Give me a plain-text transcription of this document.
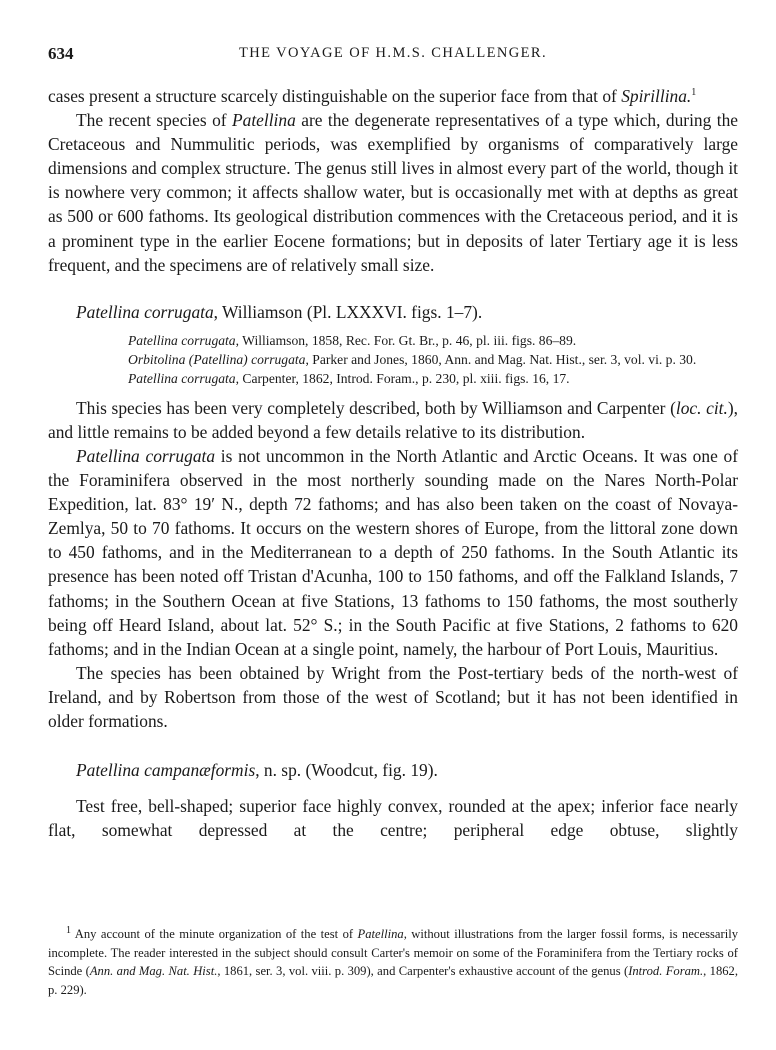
634	THE VOYAGE OF H.M.S. CHALLENGER.

cases present a structure scarcely distinguishable on the superior face from that of Spirillina.$^1$

The recent species of Patellina are the degenerate representatives of a type which, during the Cretaceous and Nummulitic periods, was exemplified by organisms of comparatively large dimensions and complex structure. The genus still lives in almost every part of the world, though it is nowhere very common; it affects shallow water, but is occasionally met with at depths as great as 500 or 600 fathoms. Its geological distribution commences with the Cretaceous period, and it is a prominent type in the earlier Eocene formations; but in deposits of later Tertiary age it is less frequent, and the specimens are of relatively small size.

Patellina corrugata, Williamson (Pl. LXXXVI. figs. 1–7).
Patellina corrugata, Williamson, 1858, Rec. For. Gt. Br., p. 46, pl. iii. figs. 86–89.
Orbitolina (Patellina) corrugata, Parker and Jones, 1860, Ann. and Mag. Nat. Hist., ser. 3, vol. vi. p. 30.
Patellina corrugata, Carpenter, 1862, Introd. Foram., p. 230, pl. xiii. figs. 16, 17.

This species has been very completely described, both by Williamson and Carpenter (loc. cit.), and little remains to be added beyond a few details relative to its distribution.

Patellina corrugata is not uncommon in the North Atlantic and Arctic Oceans. It was one of the Foraminifera observed in the most northerly sounding made on the Nares North-Polar Expedition, lat. 83° 19′ N., depth 72 fathoms; and has also been taken on the coast of Novaya-Zemlya, 50 to 70 fathoms. It occurs on the western shores of Europe, from the littoral zone down to 450 fathoms, and in the Mediterranean to a depth of 250 fathoms. In the South Atlantic its presence has been noted off Tristan d'Acunha, 100 to 150 fathoms, and off the Falkland Islands, 7 fathoms; in the Southern Ocean at five Stations, 13 fathoms to 150 fathoms, the most southerly being off Heard Island, about lat. 52° S.; in the South Pacific at five Stations, 2 fathoms to 620 fathoms; and in the Indian Ocean at a single point, namely, the harbour of Port Louis, Mauritius.

The species has been obtained by Wright from the Post-tertiary beds of the north-west of Ireland, and by Robertson from those of the west of Scotland; but it has not been identified in older formations.

Patellina campanæformis, n. sp. (Woodcut, fig. 19).

Test free, bell-shaped; superior face highly convex, rounded at the apex; inferior face nearly flat, somewhat depressed at the centre; peripheral edge obtuse, slightly

$^1$ Any account of the minute organization of the test of Patellina, without illustrations from the larger fossil forms, is necessarily incomplete. The reader interested in the subject should consult Carter's memoir on some of the Foraminifera from the Tertiary rocks of Scinde (Ann. and Mag. Nat. Hist., 1861, ser. 3, vol. viii. p. 309), and Carpenter's exhaustive account of the genus (Introd. Foram., 1862, p. 229).
